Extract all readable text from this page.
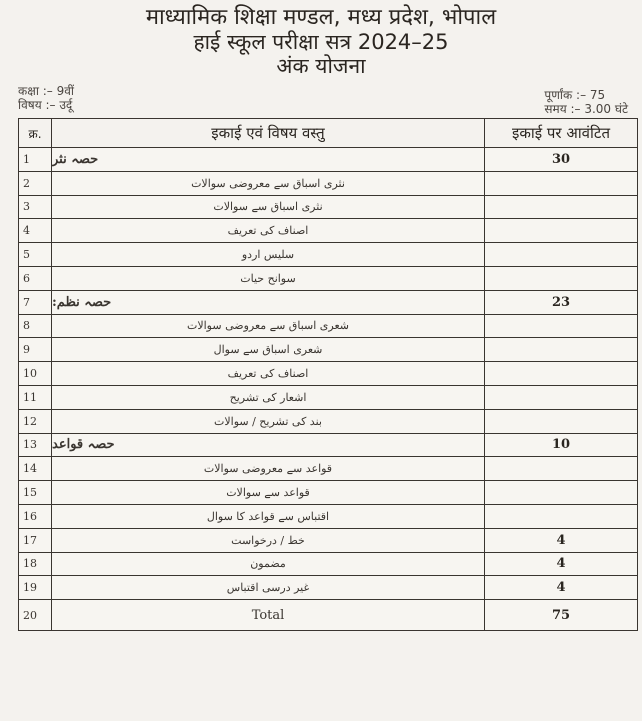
माध्यामिक शिक्षा मण्डल, मध्य प्रदेश, भोपाल
हाई स्कूल परीक्षा सत्र 2024–25
अंक योजना
कक्षा :– 9वीं
विषय :– उर्दू
पूर्णांक :– 75
समय :– 3.00 घंटे
क्र.	इकाई एवं विषय वस्तु	इकाई पर आवंटित
1	حصہ نثر	30
2	نثری اسباق سے معروضی سوالات	
3	نثری اسباق سے سوالات	
4	اصناف کی تعریف	
5	سلیس اردو	
6	سوانح حیات	
7	حصہ نظم:	23
8	شعری اسباق سے معروضی سوالات	
9	شعری اسباق سے سوال	
10	اصناف کی تعریف	
11	اشعار کی تشریح	
12	بند کی تشریح / سوالات	
13	حصہ قواعد	10
14	قواعد سے معروضی سوالات	
15	قواعد سے سوالات	
16	اقتباس سے قواعد کا سوال	
17	خط / درخواست	4
18	مضمون	4
19	غیر درسی اقتباس	4
20	Total	75
